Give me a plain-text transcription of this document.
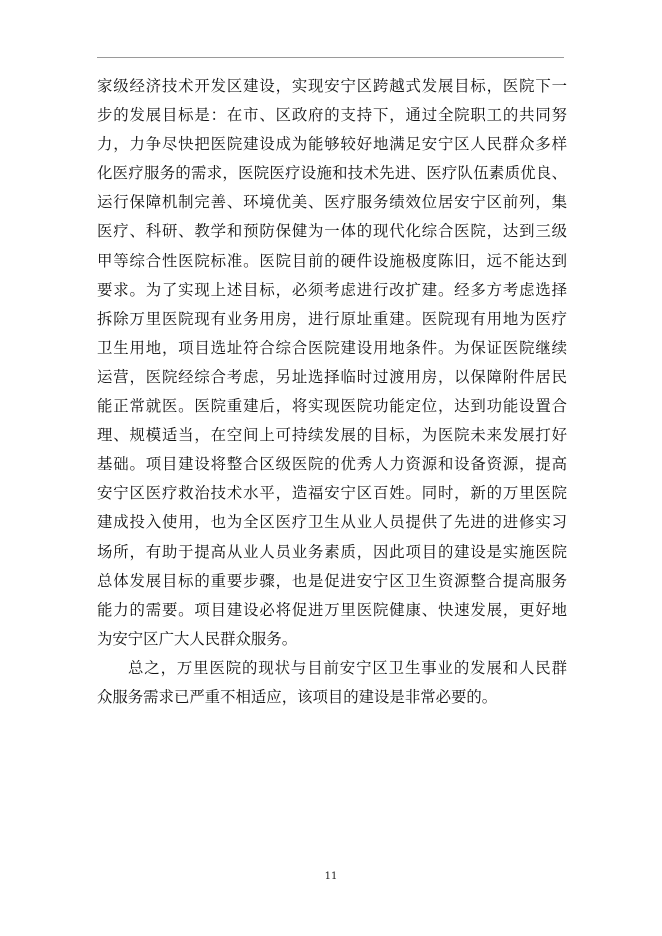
家级经济技术开发区建设，实现安宁区跨越式发展目标，医院下一
步的发展目标是：在市、区政府的支持下，通过全院职工的共同努
力，力争尽快把医院建设成为能够较好地满足安宁区人民群众多样
化医疗服务的需求，医院医疗设施和技术先进、医疗队伍素质优良、
运行保障机制完善、环境优美、医疗服务绩效位居安宁区前列，集
医疗、科研、教学和预防保健为一体的现代化综合医院，达到三级
甲等综合性医院标准。医院目前的硬件设施极度陈旧，远不能达到
要求。为了实现上述目标，必须考虑进行改扩建。经多方考虑选择
拆除万里医院现有业务用房，进行原址重建。医院现有用地为医疗
卫生用地，项目选址符合综合医院建设用地条件。为保证医院继续
运营，医院经综合考虑，另址选择临时过渡用房，以保障附件居民
能正常就医。医院重建后，将实现医院功能定位，达到功能设置合
理、规模适当，在空间上可持续发展的目标，为医院未来发展打好
基础。项目建设将整合区级医院的优秀人力资源和设备资源，提高
安宁区医疗救治技术水平，造福安宁区百姓。同时，新的万里医院
建成投入使用，也为全区医疗卫生从业人员提供了先进的进修实习
场所，有助于提高从业人员业务素质，因此项目的建设是实施医院
总体发展目标的重要步骤，也是促进安宁区卫生资源整合提高服务
能力的需要。项目建设必将促进万里医院健康、快速发展，更好地
为安宁区广大人民群众服务。
总之，万里医院的现状与目前安宁区卫生事业的发展和人民群
众服务需求已严重不相适应，该项目的建设是非常必要的。
11
